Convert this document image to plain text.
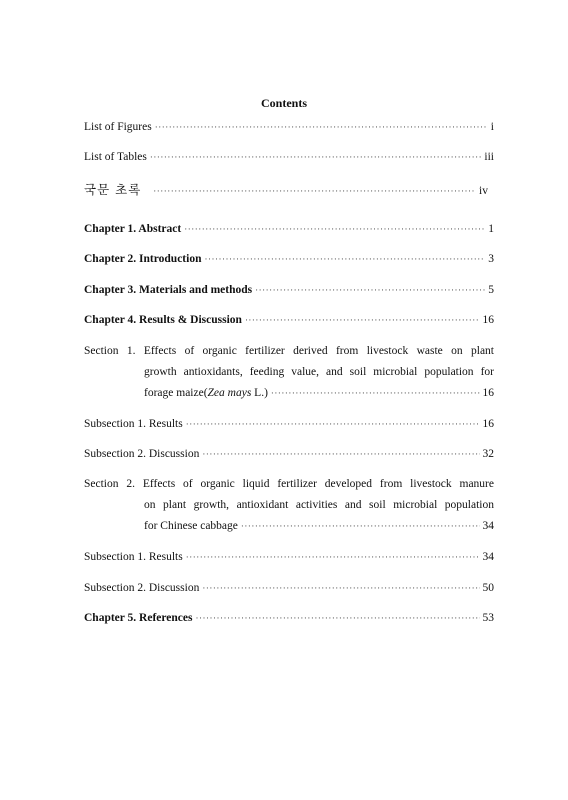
Contents
List of Figures ·····	i
List of Tables ·····	iii
국문 초록 ·····	iv
Chapter 1. Abstract ·····	1
Chapter 2. Introduction ·····	3
Chapter 3. Materials and methods ·····	5
Chapter 4. Results & Discussion ·····	16
Section 1. Effects of organic fertilizer derived from livestock waste on plant
growth antioxidants, feeding value, and soil microbial population for
forage maize(Zea mays L.) ·····	16
Subsection 1. Results ·····	16
Subsection 2. Discussion ·····	32
Section 2. Effects of organic liquid fertilizer developed from livestock manure
on plant growth, antioxidant activities and soil microbial population
for Chinese cabbage ·····	34
Subsection 1. Results ·····	34
Subsection 2. Discussion ·····	50
Chapter 5. References ·····	53
